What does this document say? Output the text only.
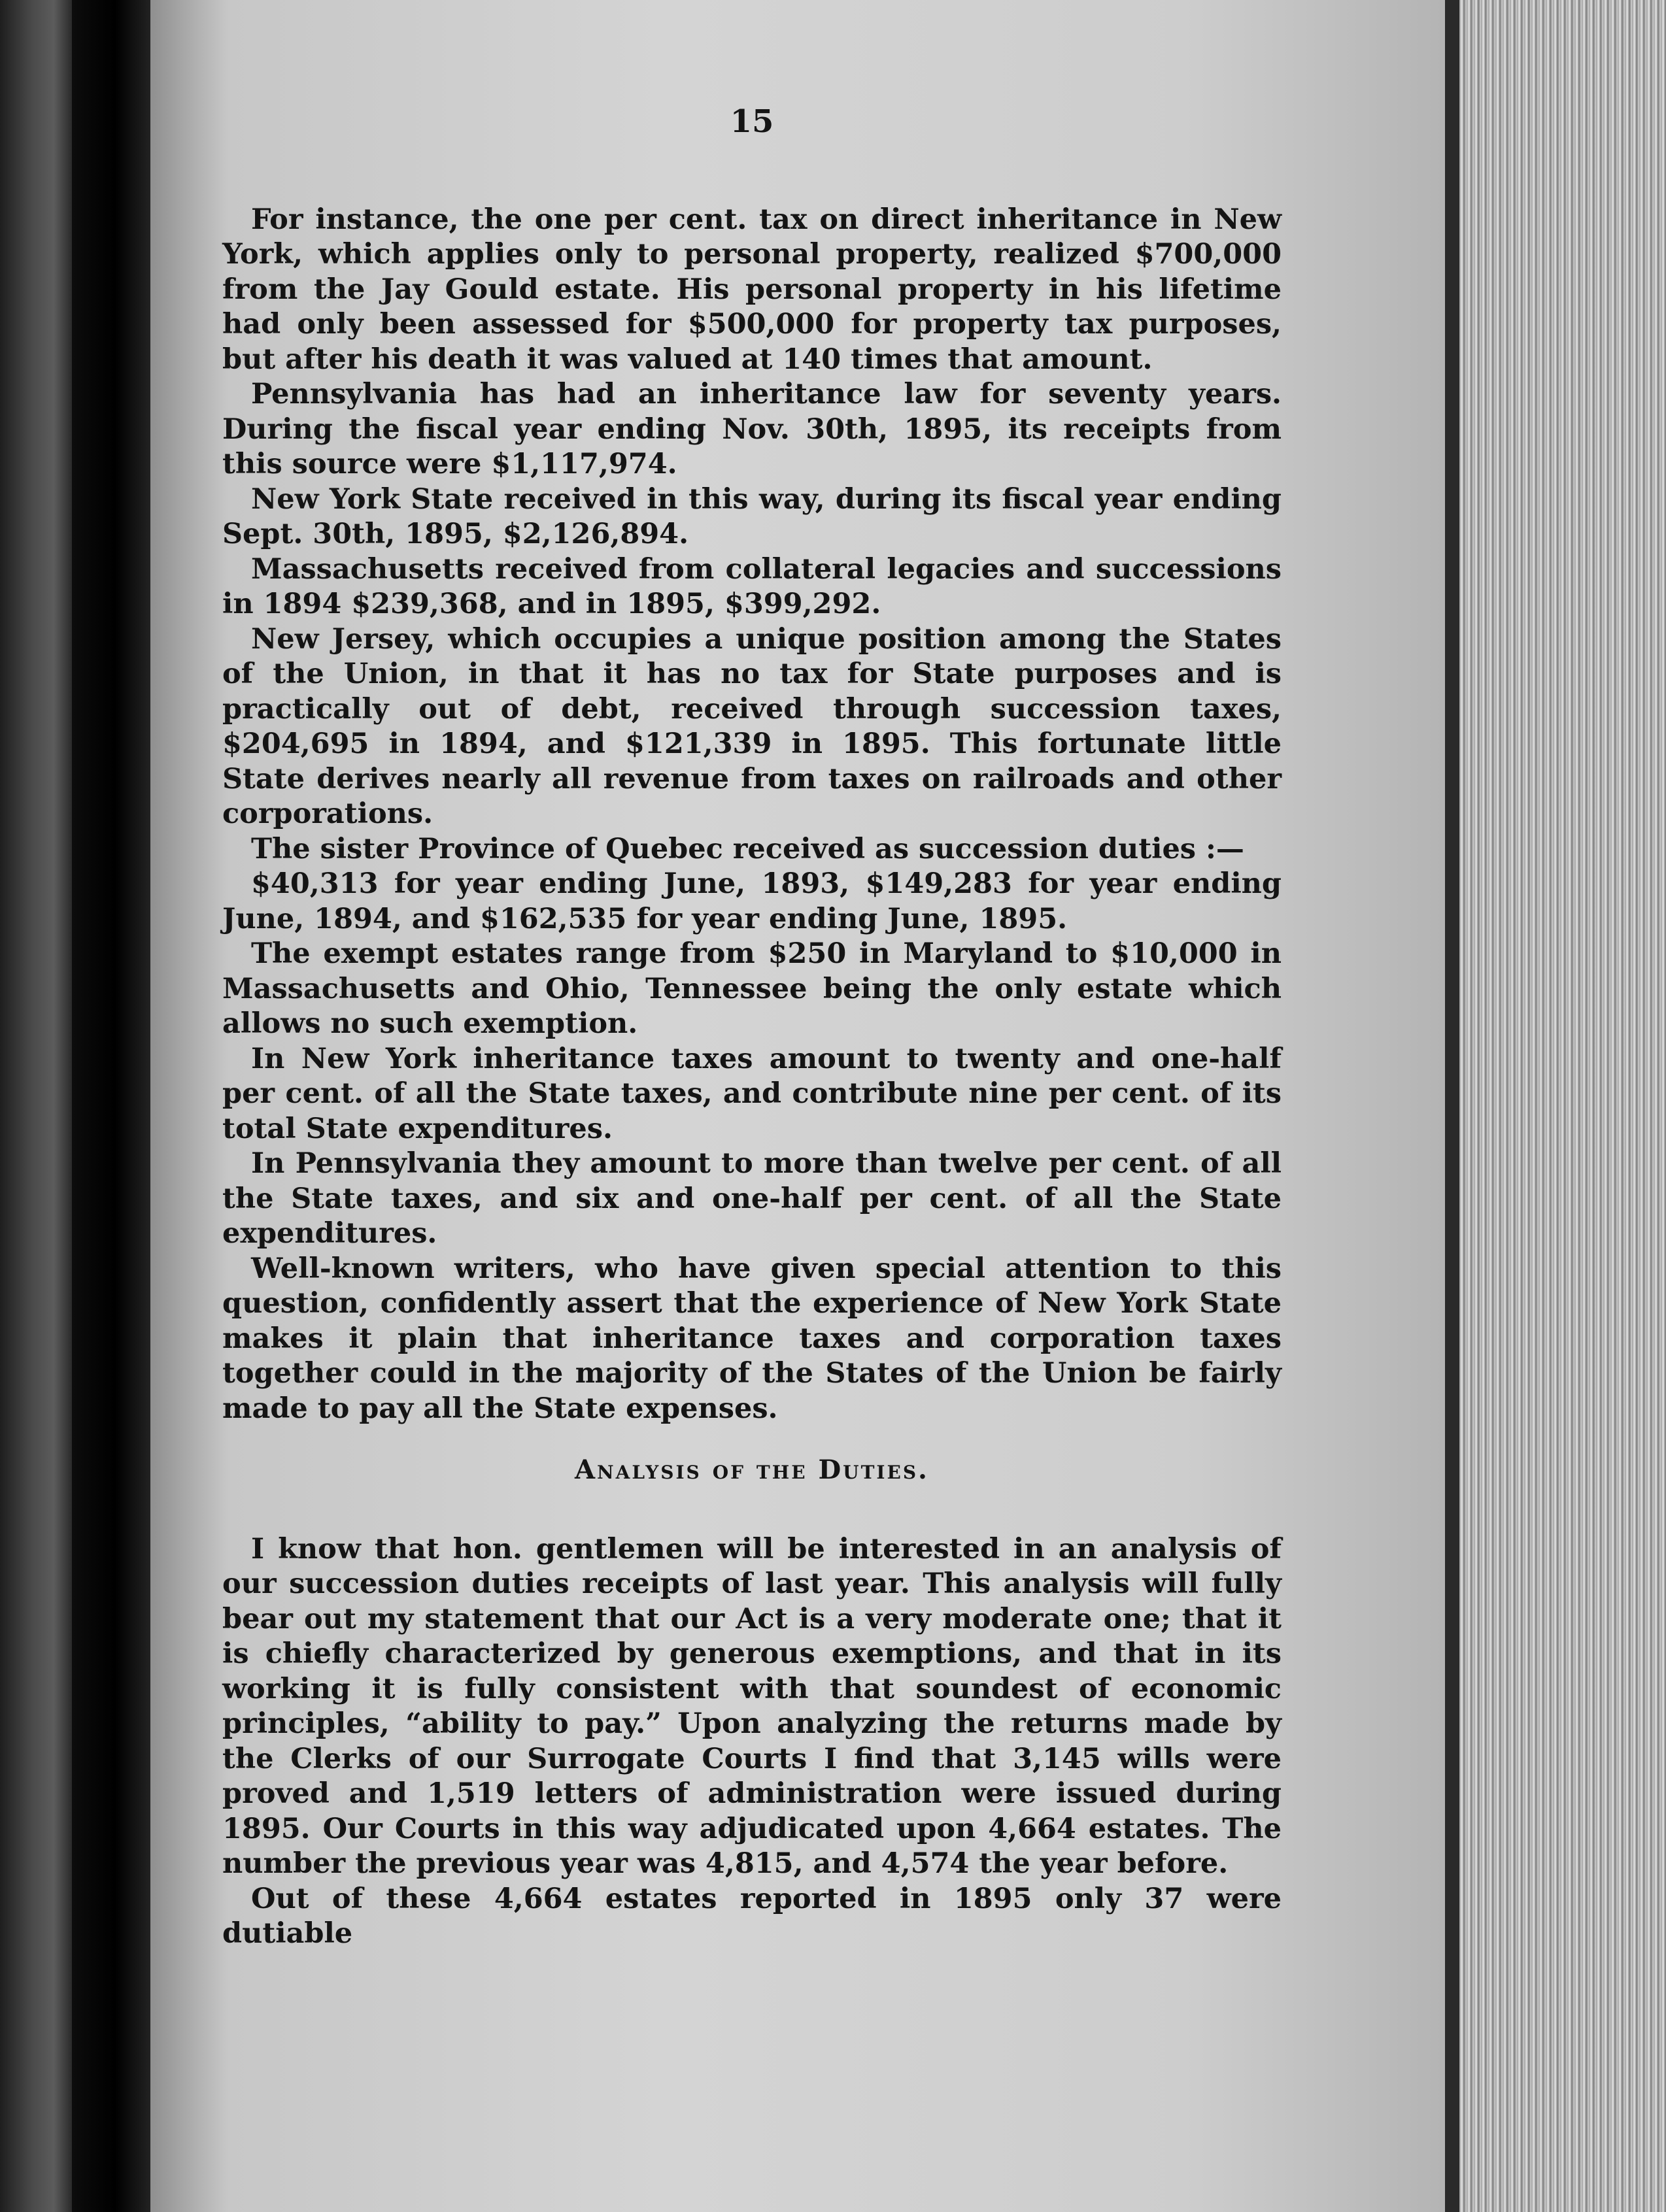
15

For instance, the one per cent. tax on direct inheritance in New York, which applies only to personal property, realized $700,000 from the Jay Gould estate. His personal property in his lifetime had only been assessed for $500,000 for property tax purposes, but after his death it was valued at 140 times that amount.

Pennsylvania has had an inheritance law for seventy years. During the fiscal year ending Nov. 30th, 1895, its receipts from this source were $1,117,974.

New York State received in this way, during its fiscal year ending Sept. 30th, 1895, $2,126,894.

Massachusetts received from collateral legacies and successions in 1894 $239,368, and in 1895, $399,292.

New Jersey, which occupies a unique position among the States of the Union, in that it has no tax for State purposes and is practically out of debt, received through succession taxes, $204,695 in 1894, and $121,339 in 1895. This fortunate little State derives nearly all revenue from taxes on railroads and other corporations.

The sister Province of Quebec received as succession duties :—

$40,313 for year ending June, 1893, $149,283 for year ending June, 1894, and $162,535 for year ending June, 1895.

The exempt estates range from $250 in Maryland to $10,000 in Massachusetts and Ohio, Tennessee being the only estate which allows no such exemption.

In New York inheritance taxes amount to twenty and one-half per cent. of all the State taxes, and contribute nine per cent. of its total State expenditures.

In Pennsylvania they amount to more than twelve per cent. of all the State taxes, and six and one-half per cent. of all the State expenditures.

Well-known writers, who have given special attention to this question, confidently assert that the experience of New York State makes it plain that inheritance taxes and corporation taxes together could in the majority of the States of the Union be fairly made to pay all the State expenses.

Analysis of the Duties.

I know that hon. gentlemen will be interested in an analysis of our succession duties receipts of last year. This analysis will fully bear out my statement that our Act is a very moderate one; that it is chiefly characterized by generous exemptions, and that in its working it is fully consistent with that soundest of economic principles, “ability to pay.” Upon analyzing the returns made by the Clerks of our Surrogate Courts I find that 3,145 wills were proved and 1,519 letters of administration were issued during 1895. Our Courts in this way adjudicated upon 4,664 estates. The number the previous year was 4,815, and 4,574 the year before.

Out of these 4,664 estates reported in 1895 only 37 were dutiable
